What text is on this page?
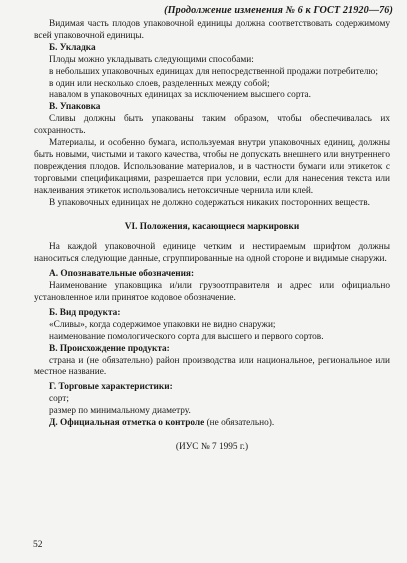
(Продолжение изменения № 6 к ГОСТ 21920—76)

Видимая часть плодов упаковочной единицы должна соответствовать содержимому всей упаковочной единицы.

Б. Укладка

Плоды можно укладывать следующими способами:

в небольших упаковочных единицах для непосредственной продажи потребителю;

в один или несколько слоев, разделенных между собой;

навалом в упаковочных единицах за исключением высшего сорта.

В. Упаковка

Сливы должны быть упакованы таким образом, чтобы обеспечивалась их сохранность.

Материалы, и особенно бумага, используемая внутри упаковочных единиц, должны быть новыми, чистыми и такого качества, чтобы не допускать внешнего или внутреннего повреждения плодов. Использование материалов, и в частности бумаги или этикеток с торговыми спецификациями, разрешается при условии, если для нанесения текста или наклеивания этикеток использовались нетоксичные чернила или клей.

В упаковочных единицах не должно содержаться никаких посторонних веществ.

VI. Положения, касающиеся маркировки

На каждой упаковочной единице четким и нестираемым шрифтом должны наноситься следующие данные, сгруппированные на одной стороне и видимые снаружи.

А. Опознавательные обозначения:

Наименование упаковщика и/или грузоотправителя и адрес или официально установленное или принятое кодовое обозначение.

Б. Вид продукта:

«Сливы», когда содержимое упаковки не видно снаружи;

наименование помологического сорта для высшего и первого сортов.

В. Происхождение продукта:

страна и (не обязательно) район производства или национальное, региональное или местное название.

Г. Торговые характеристики:

сорт;

размер по минимальному диаметру.

Д. Официальная отметка о контроле (не обязательно).

(ИУС № 7 1995 г.)

52
